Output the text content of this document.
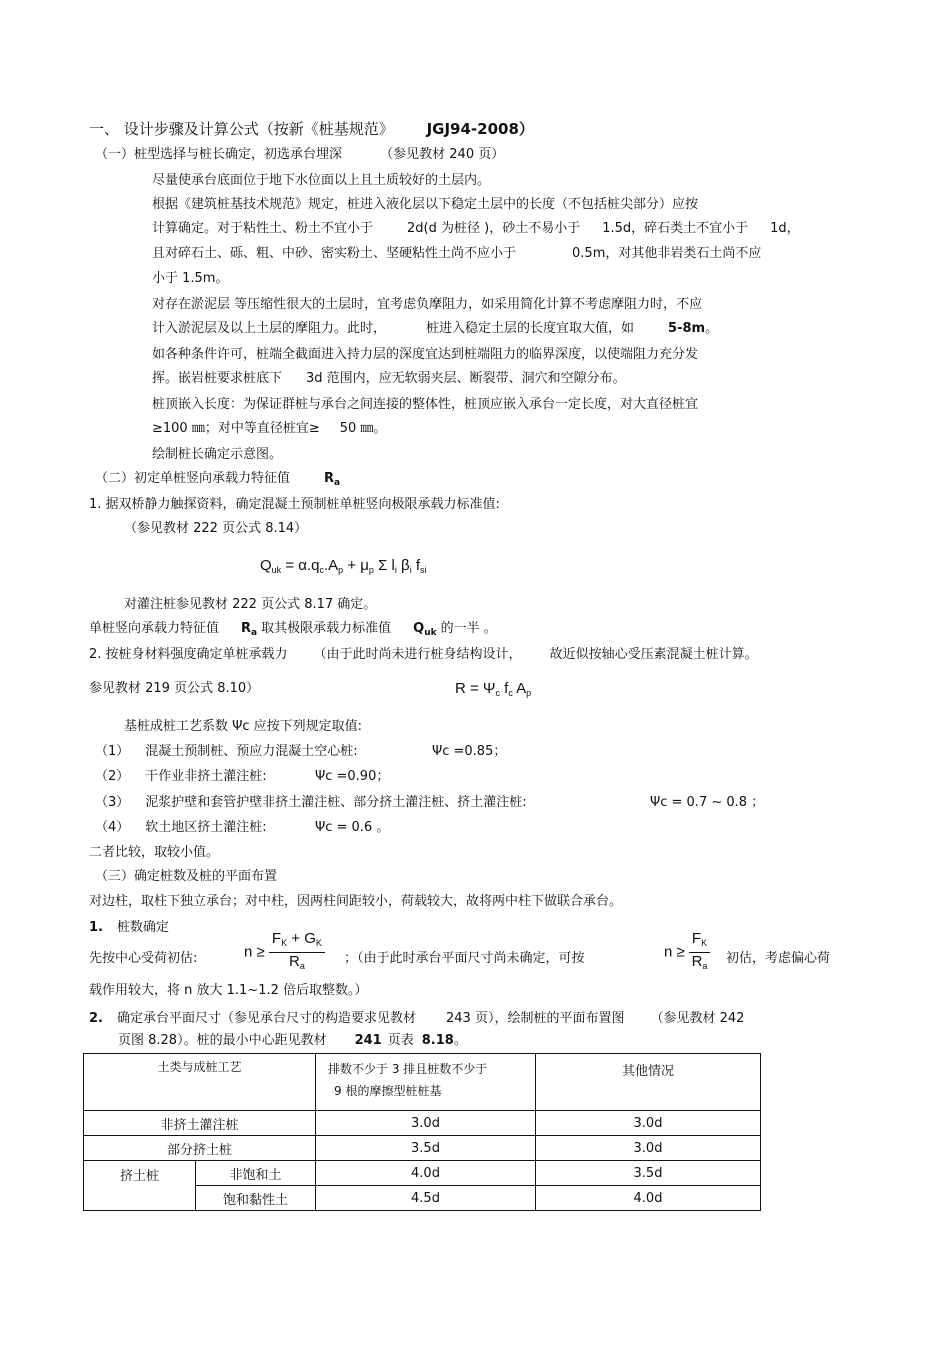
一、 设计步骤及计算公式（按新《桩基规范》 JGJ94-2008）
（一）桩型选择与桩长确定，初选承台埋深	（参见教材 240 页）
尽量使承台底面位于地下水位面以上且土质较好的土层内。
根据《建筑桩基技术规范》规定，桩进入液化层以下稳定土层中的长度（不包括桩尖部分）应按
计算确定。对于粘性土、粉土不宜小于	2d(d 为桩径 )，砂土不易小于 1.5d，碎石类土不宜小于 1d，
且对碎石土、砾、粗、中砂、密实粉土、坚硬粘性土尚不应小于	0.5m，对其他非岩类石土尚不应
小于 1.5m。
对存在淤泥层 等压缩性很大的土层时，宜考虑负摩阻力，如采用简化计算不考虑摩阻力时，不应
计入淤泥层及以上土层的摩阻力。此时，	桩进入稳定土层的长度宜取大值，如	5-8m。
如各种条件许可，桩端全截面进入持力层的深度宜达到桩端阻力的临界深度，以使端阻力充分发
挥。嵌岩桩要求桩底下 3d 范围内，应无软弱夹层、断裂带、洞穴和空隙分布。
桩顶嵌入长度：为保证群桩与承台之间连接的整体性，桩顶应嵌入承台一定长度，对大直径桩宜
≥100 ㎜；对中等直径桩宜≥ 50 ㎜。
绘制桩长确定示意图。
（二）初定单桩竖向承载力特征值	$R_a$
1. 据双桥静力触探资料，确定混凝土预制桩单桩竖向极限承载力标准值:
（参见教材 222 页公式 8.14）
$Q_{uk} = \alpha.q_c.A_p + \mu_p$ Σ $l_i$ $\beta_i$ $f_{si}$
对灌注桩参见教材 222 页公式 8.17 确定。
单桩竖向承载力特征值 $R_a$ 取其极限承载力标准值 $Q_{uk}$ 的一半 。
2. 按桩身材料强度确定单桩承载力 （由于此时尚未进行桩身结构设计， 故近似按轴心受压素混凝土桩计算。
参见教材 219 页公式 8.10）	$R = \Psi_c$ $f_c$ $A_p$
基桩成桩工艺系数 Ψc 应按下列规定取值:
（1） 混凝土预制桩、预应力混凝土空心桩:	Ψc =0.85；
（2） 干作业非挤土灌注桩:	Ψc =0.90；
（3） 泥浆护壁和套管护壁非挤土灌注桩、部分挤土灌注桩、挤土灌注桩:	Ψc = 0.7 ~ 0.8 ；
（4） 软土地区挤土灌注桩:	Ψc = 0.6 。
二者比较，取较小值。
（三）确定桩数及桩的平面布置
对边柱，取柱下独立承台；对中柱，因两柱间距较小，荷载较大，故将两中柱下做联合承台。
1. 桩数确定
先按中心受荷初估:	$n \ge \frac{F_K + G_K}{R_a}$ ；（由于此时承台平面尺寸尚未确定，可按	$n \ge \frac{F_K}{R_a}$ 初估，考虑偏心荷
载作用较大，将 n 放大 1.1~1.2 倍后取整数。）
2. 确定承台平面尺寸（参见承台尺寸的构造要求见教材 243 页），绘制桩的平面布置图 （参见教材 242
页图 8.28）。桩的最小中心距见教材 241 页表 8.18。
土类与成桩工艺		排数不少于 3 排且桩数不少于
9 根的摩擦型桩桩基	其他情况
非挤土灌注桩		3.0d	3.0d
部分挤土桩		3.5d	3.0d
挤土桩	非饱和土	4.0d	3.5d
	饱和黏性土	4.5d	4.0d
